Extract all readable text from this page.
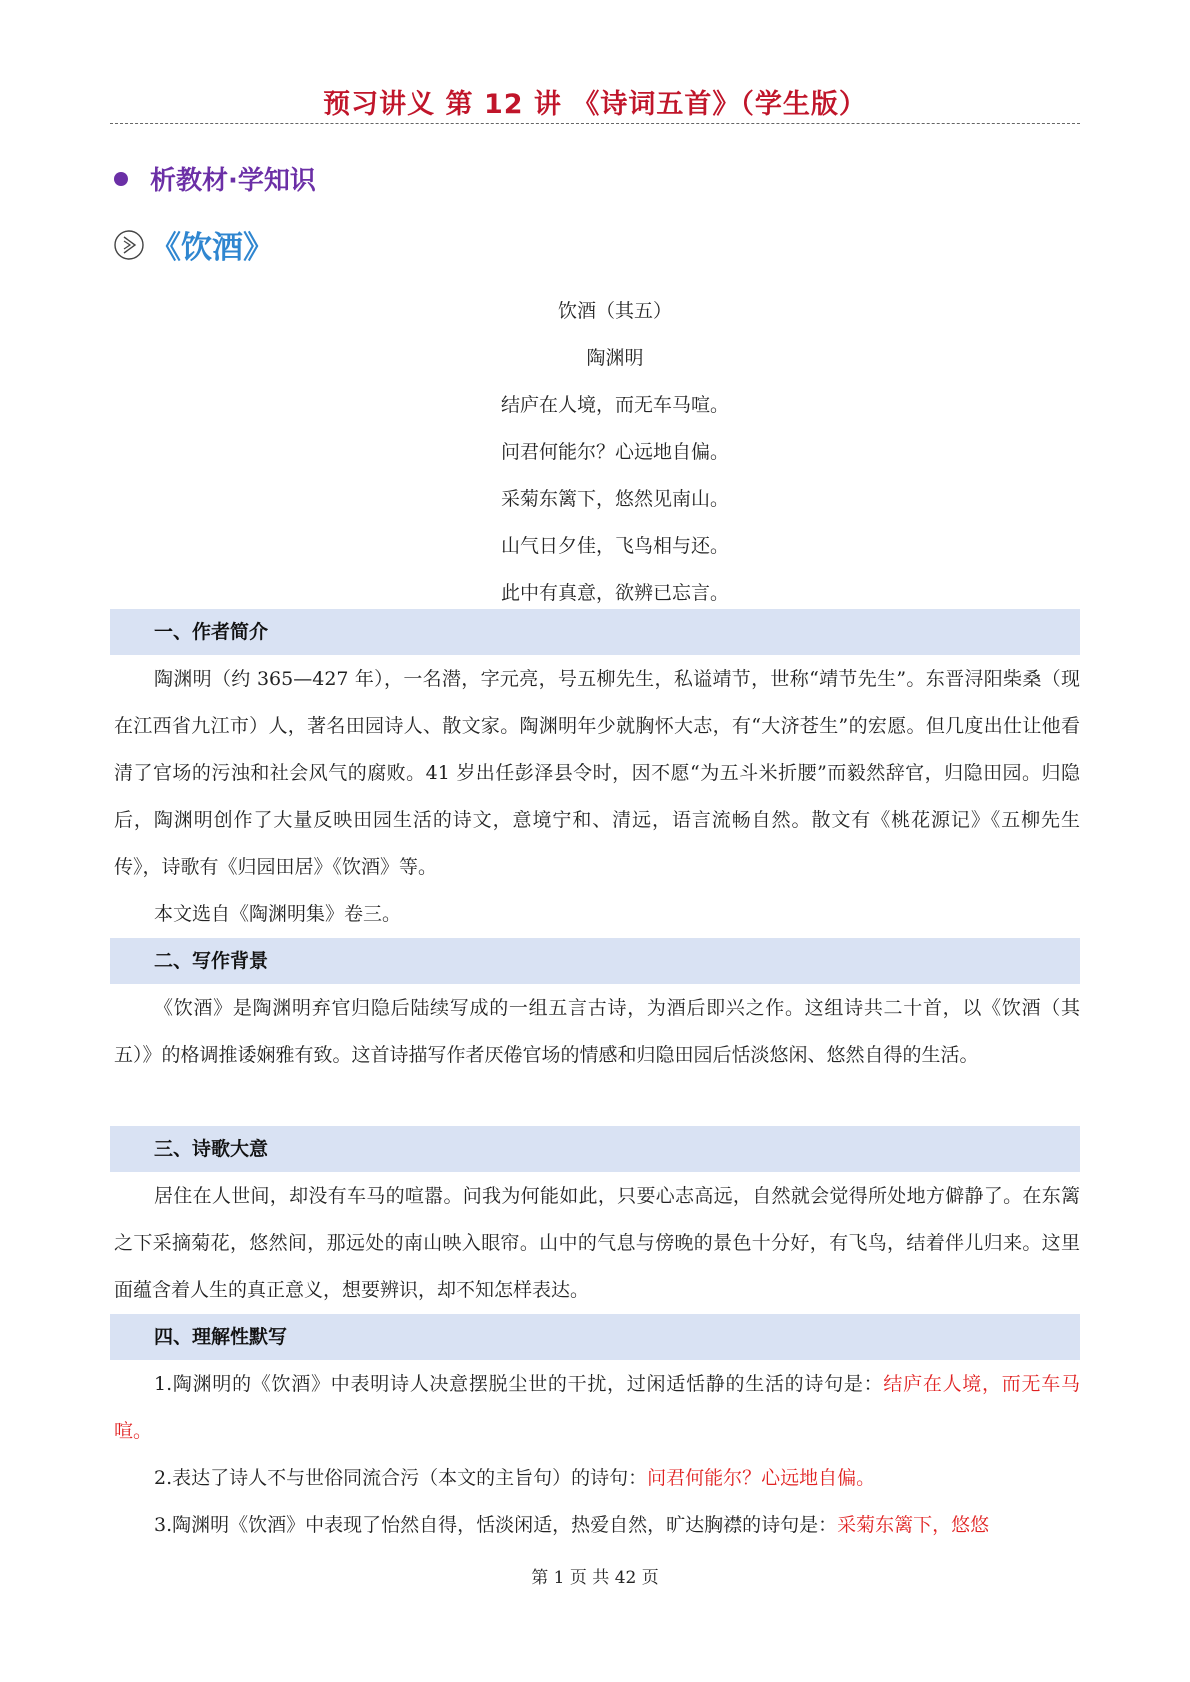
预习讲义 第 12 讲 《诗词五首》（学生版）
析教材·学知识
《饮酒》
饮酒（其五）
陶渊明
结庐在人境，而无车马喧。
问君何能尔？心远地自偏。
采菊东篱下，悠然见南山。
山气日夕佳，飞鸟相与还。
此中有真意，欲辨已忘言。
一、作者简介

陶渊明（约 365—427 年），一名潜，字元亮，号五柳先生，私谥靖节，世称“靖节先生”。东晋浔阳柴桑（现在江西省九江市）人，著名田园诗人、散文家。陶渊明年少就胸怀大志，有“大济苍生”的宏愿。但几度出仕让他看清了官场的污浊和社会风气的腐败。41 岁出任彭泽县令时，因不愿“为五斗米折腰”而毅然辞官，归隐田园。归隐后，陶渊明创作了大量反映田园生活的诗文，意境宁和、清远，语言流畅自然。散文有《桃花源记》《五柳先生传》，诗歌有《归园田居》《饮酒》等。

本文选自《陶渊明集》卷三。

二、写作背景

《饮酒》是陶渊明弃官归隐后陆续写成的一组五言古诗，为酒后即兴之作。这组诗共二十首，以《饮酒（其五）》的格调推诿娴雅有致。这首诗描写作者厌倦官场的情感和归隐田园后恬淡悠闲、悠然自得的生活。

三、诗歌大意

居住在人世间，却没有车马的喧嚣。问我为何能如此，只要心志高远，自然就会觉得所处地方僻静了。在东篱之下采摘菊花，悠然间，那远处的南山映入眼帘。山中的气息与傍晚的景色十分好，有飞鸟，结着伴儿归来。这里面蕴含着人生的真正意义，想要辨识，却不知怎样表达。

四、理解性默写

1.陶渊明的《饮酒》中表明诗人决意摆脱尘世的干扰，过闲适恬静的生活的诗句是：结庐在人境，而无车马喧。

2.表达了诗人不与世俗同流合污（本文的主旨句）的诗句：问君何能尔？心远地自偏。

3.陶渊明《饮酒》中表现了怡然自得，恬淡闲适，热爱自然，旷达胸襟的诗句是：采菊东篱下，悠悠

第 1 页 共 42 页
